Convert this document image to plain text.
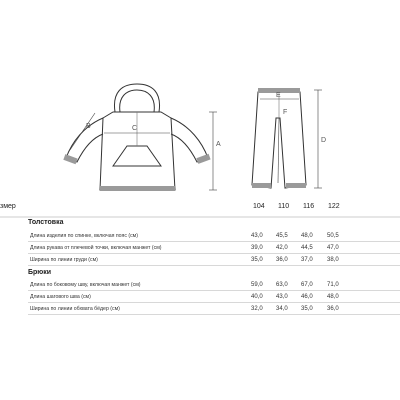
A
B	C
D
E
F
змер	104 110 116 122
Толстовка
Длина изделия по спинке, включая пояс (см)	43,0 45,5 48,0 50,5
Длина рукава от плечевой точки, включая манжет (см)	39,0 42,0 44,5 47,0
Ширина по линии груди (см)	35,0 36,0 37,0 38,0
Брюки
Длина по боковому шву, включая манжет (см)	59,0 63,0 67,0 71,0
Длина шагового шва (см)	40,0 43,0 46,0 48,0
Ширина по линии обхвата бёдер (см)	32,0 34,0 35,0 36,0
